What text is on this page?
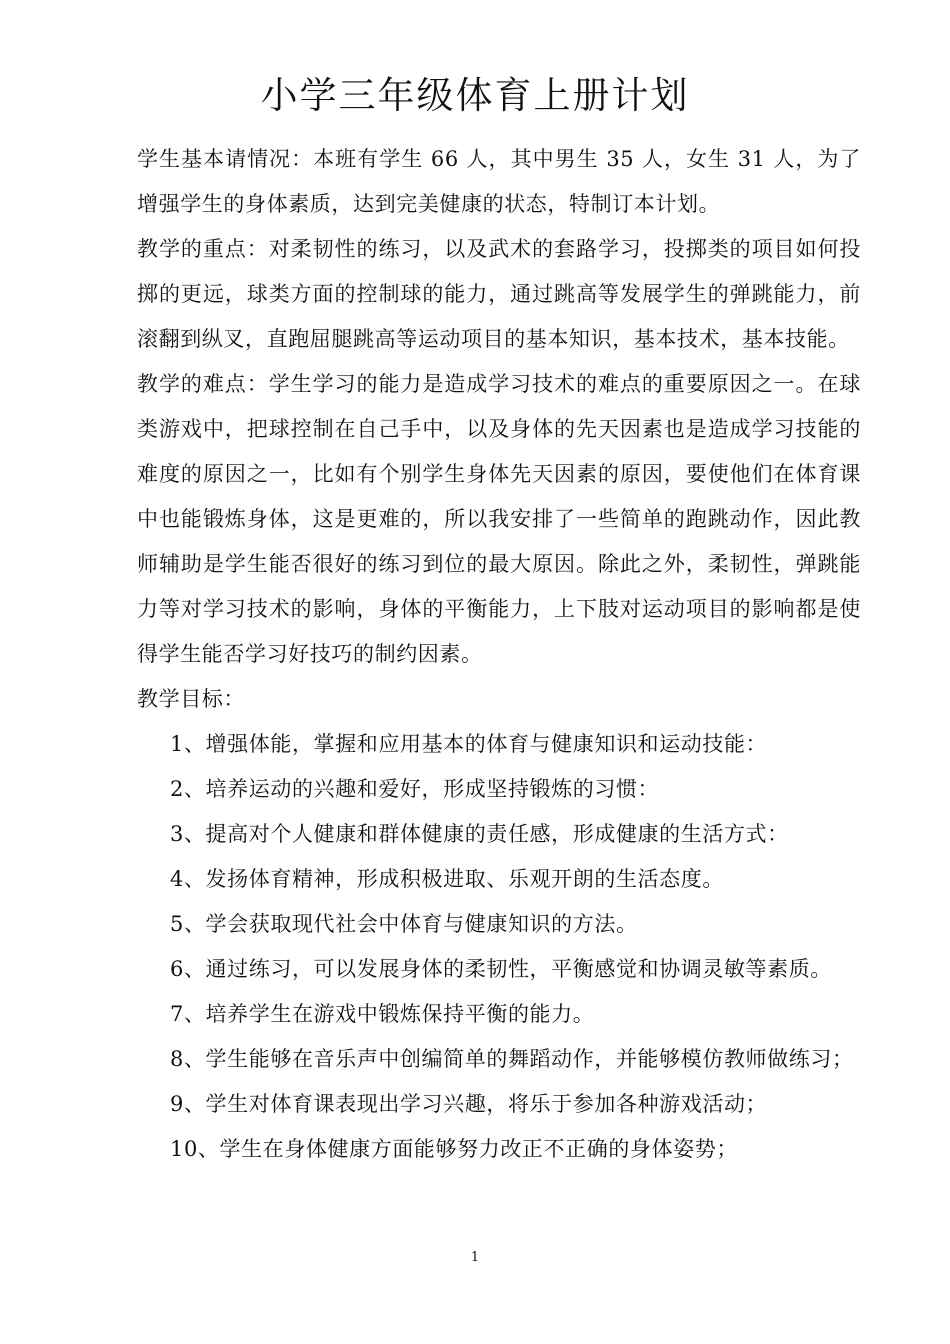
小学三年级体育上册计划

学生基本请情况：本班有学生 66 人，其中男生 35 人，女生 31 人，为了增强学生的身体素质，达到完美健康的状态，特制订本计划。

教学的重点：对柔韧性的练习，以及武术的套路学习，投掷类的项目如何投掷的更远，球类方面的控制球的能力，通过跳高等发展学生的弹跳能力，前滚翻到纵叉，直跑屈腿跳高等运动项目的基本知识，基本技术，基本技能。

教学的难点：学生学习的能力是造成学习技术的难点的重要原因之一。在球类游戏中，把球控制在自己手中，以及身体的先天因素也是造成学习技能的难度的原因之一，比如有个别学生身体先天因素的原因，要使他们在体育课中也能锻炼身体，这是更难的，所以我安排了一些简单的跑跳动作，因此教师辅助是学生能否很好的练习到位的最大原因。除此之外，柔韧性，弹跳能力等对学习技术的影响，身体的平衡能力，上下肢对运动项目的影响都是使得学生能否学习好技巧的制约因素。

教学目标：

1、增强体能，掌握和应用基本的体育与健康知识和运动技能：
2、培养运动的兴趣和爱好，形成坚持锻炼的习惯：
3、提高对个人健康和群体健康的责任感，形成健康的生活方式：
4、发扬体育精神，形成积极进取、乐观开朗的生活态度。
5、学会获取现代社会中体育与健康知识的方法。
6、通过练习，可以发展身体的柔韧性，平衡感觉和协调灵敏等素质。
7、培养学生在游戏中锻炼保持平衡的能力。
8、学生能够在音乐声中创编简单的舞蹈动作，并能够模仿教师做练习；
9、学生对体育课表现出学习兴趣，将乐于参加各种游戏活动；
10、学生在身体健康方面能够努力改正不正确的身体姿势；
1
